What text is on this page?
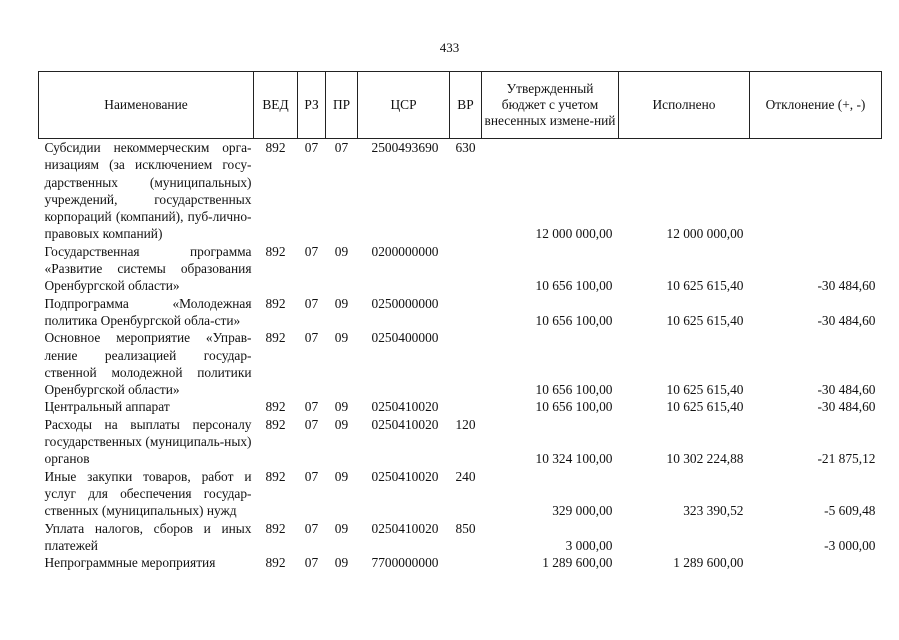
433
Наименование	ВЕД	РЗ	ПР	ЦСР	ВР	Утвержденный бюджет с учетом внесенных измене-ний	Исполнено	Отклонение (+, -)
Субсидии некоммерческим орга-низациям (за исключением госу-дарственных (муниципальных) учреждений, государственных корпораций (компаний), пуб-лично-правовых компаний)	892	07	07	2500493690	630	12 000 000,00	12 000 000,00	
Государственная программа «Развитие системы образования Оренбургской области»	892	07	09	0200000000		10 656 100,00	10 625 615,40	-30 484,60
Подпрограмма «Молодежная политика Оренбургской обла-сти»	892	07	09	0250000000		10 656 100,00	10 625 615,40	-30 484,60
Основное мероприятие «Управ-ление реализацией государ-ственной молодежной политики Оренбургской области»	892	07	09	0250400000		10 656 100,00	10 625 615,40	-30 484,60
Центральный аппарат	892	07	09	0250410020		10 656 100,00	10 625 615,40	-30 484,60
Расходы на выплаты персоналу государственных (муниципаль-ных) органов	892	07	09	0250410020	120	10 324 100,00	10 302 224,88	-21 875,12
Иные закупки товаров, работ и услуг для обеспечения государ-ственных (муниципальных) нужд	892	07	09	0250410020	240	329 000,00	323 390,52	-5 609,48
Уплата налогов, сборов и иных платежей	892	07	09	0250410020	850	3 000,00		-3 000,00
Непрограммные мероприятия	892	07	09	7700000000		1 289 600,00	1 289 600,00	
